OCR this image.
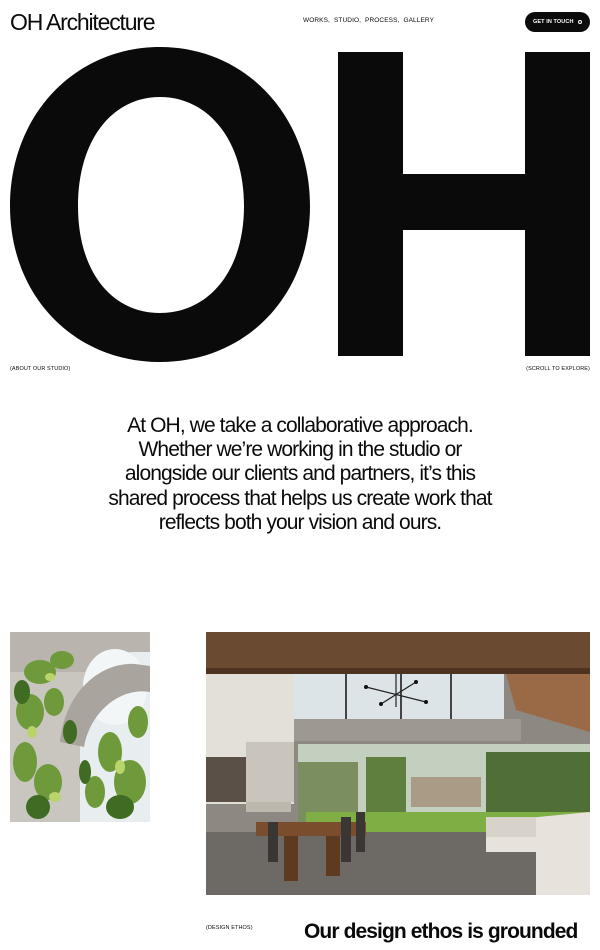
OH Architecture	WORKS, STUDIO, PROCESS, GALLERY	GET IN TOUCH
(ABOUT OUR STUDIO)	(SCROLL TO EXPLORE)

At OH, we take a collaborative approach. Whether we’re working in the studio or alongside our clients and partners, it’s this shared process that helps us create work that reflects both your vision and ours.

(DESIGN ETHOS) Our design ethos is grounded
